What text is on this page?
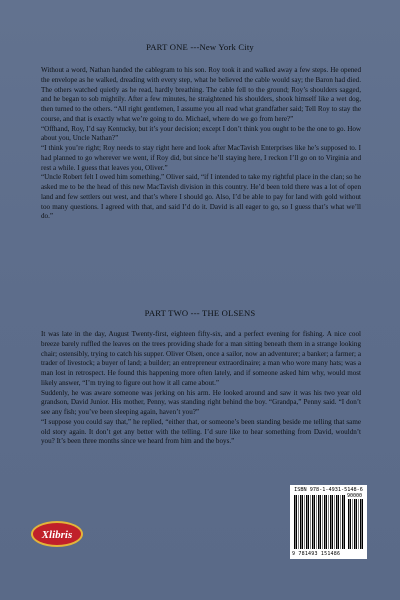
PART ONE ---New York City

Without a word, Nathan handed the cablegram to his son. Roy took it and walked away a few steps. He opened the envelope as he walked, dreading with every step, what he believed the cable would say; the Baron had died. The others watched quietly as he read, hardly breathing. The cable fell to the ground; Roy’s shoulders sagged, and he began to sob mightily. After a few minutes, he straightened his shoulders, shook himself like a wet dog, then turned to the others. “All right gentlemen, I assume you all read what grandfather said; Tell Roy to stay the course, and that is exactly what we’re going to do. Michael, where do we go from here?”

“Offhand, Roy, I’d say Kentucky, but it’s your decision; except I don’t think you ought to be the one to go. How about you, Uncle Nathan?”

“I think you’re right; Roy needs to stay right here and look after MacTavish Enterprises like he’s supposed to. I had planned to go wherever we went, if Roy did, but since he’ll staying here, I reckon I’ll go on to Virginia and rest a while. I guess that leaves you, Oliver.”

“Uncle Robert felt I owed him something,” Oliver said, “if I intended to take my rightful place in the clan; so he asked me to be the head of this new MacTavish division in this country. He’d been told there was a lot of open land and few settlers out west, and that’s where I should go. Also, I’d be able to pay for land with gold without too many questions. I agreed with that, and said I’d do it. David is all eager to go, so I guess that’s what we’ll do.”

PART TWO --- THE OLSENS

It was late in the day, August Twenty-first, eighteen fifty-six, and a perfect evening for fishing. A nice cool breeze barely ruffled the leaves on the trees providing shade for a man sitting beneath them in a strange looking chair; ostensibly, trying to catch his supper. Oliver Olsen, once a sailor, now an adventurer; a banker; a farmer; a trader of livestock; a buyer of land; a builder; an entrepreneur extraordinaire; a man who wore many hats; was a man lost in retrospect. He found this happening more often lately, and if someone asked him why, would most likely answer, “I’m trying to figure out how it all came about.”

Suddenly, he was aware someone was jerking on his arm. He looked around and saw it was his two year old grandson, David Junior. His mother, Penny, was standing right behind the boy. “Grandpa,” Penny said. “I don’t see any fish; you’ve been sleeping again, haven’t you?”

“I suppose you could say that,” he replied, “either that, or someone’s been standing beside me telling that same old story again. It don’t get any better with the telling. I’d sure like to hear something from David, wouldn’t you? It’s been three months since we heard from him and the boys.”

Xlibris
ISBN 978-1-4931-5148-6
90000
9 781493 151486
